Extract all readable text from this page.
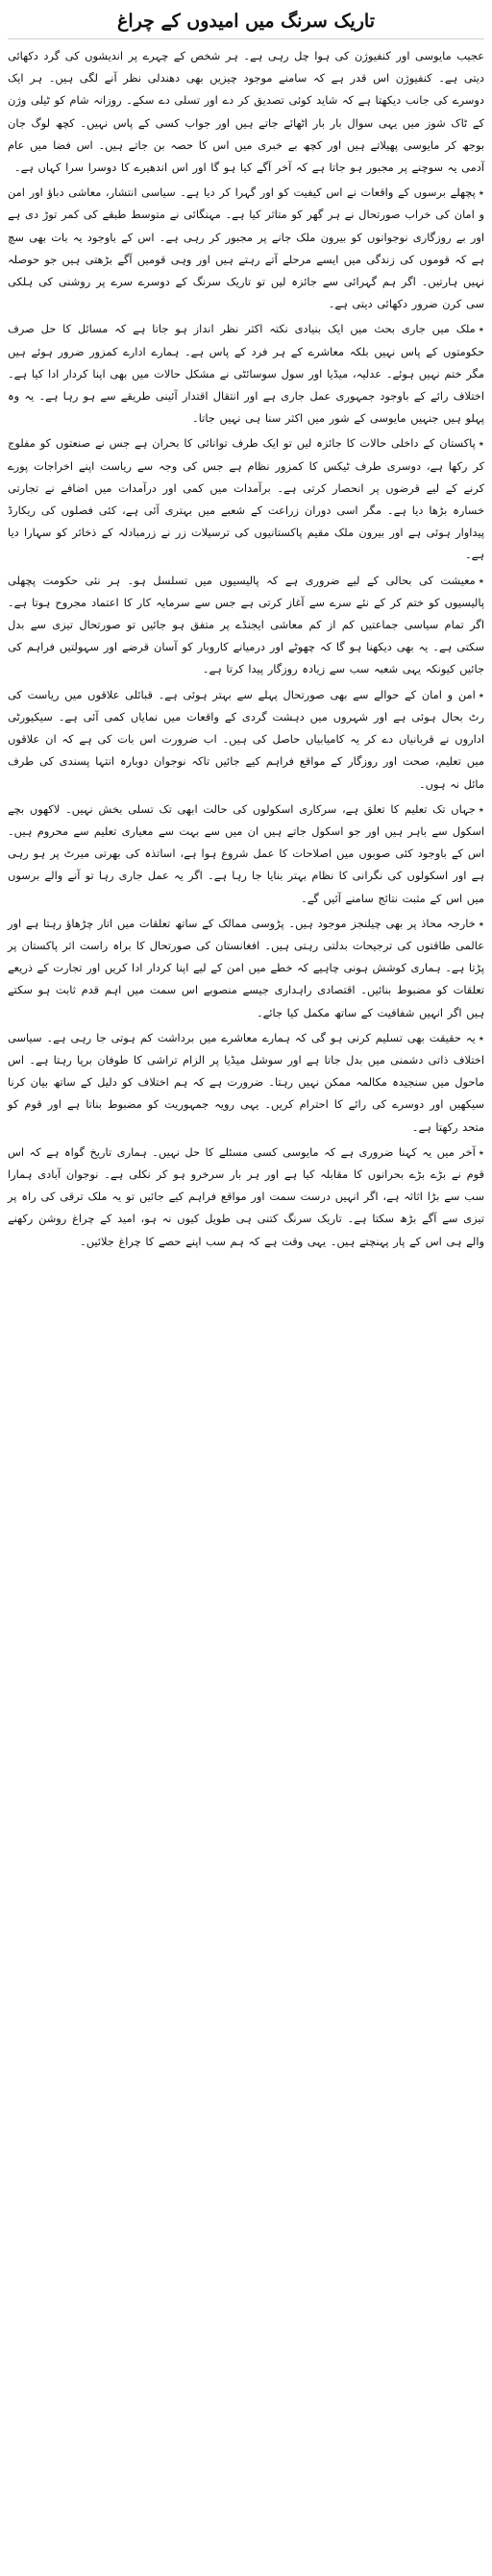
تاریک سرنگ میں امیدوں کے چراغ

عجیب مایوسی اور کنفیوژن کی ہوا چل رہی ہے۔ ہر شخص کے چہرے پر اندیشوں کی گرد دکھائی دیتی ہے۔ کنفیوژن اس قدر ہے کہ سامنے موجود چیزیں بھی دھندلی نظر آنے لگی ہیں۔ ہر ایک دوسرے کی جانب دیکھتا ہے کہ شاید کوئی تصدیق کر دے اور تسلی دے سکے۔ روزانہ شام کو ٹیلی وژن کے ٹاک شوز میں یہی سوال بار بار اٹھائے جاتے ہیں اور جواب کسی کے پاس نہیں۔ کچھ لوگ جان بوجھ کر مایوسی پھیلاتے ہیں اور کچھ بے خبری میں اس کا حصہ بن جاتے ہیں۔ اس فضا میں عام آدمی یہ سوچنے پر مجبور ہو جاتا ہے کہ آخر آگے کیا ہو گا اور اس اندھیرے کا دوسرا سرا کہاں ہے۔

٭ پچھلے برسوں کے واقعات نے اس کیفیت کو اور گہرا کر دیا ہے۔ سیاسی انتشار، معاشی دباؤ اور امن و امان کی خراب صورتحال نے ہر گھر کو متاثر کیا ہے۔ مہنگائی نے متوسط طبقے کی کمر توڑ دی ہے اور بے روزگاری نوجوانوں کو بیرون ملک جانے پر مجبور کر رہی ہے۔ اس کے باوجود یہ بات بھی سچ ہے کہ قوموں کی زندگی میں ایسے مرحلے آتے رہتے ہیں اور وہی قومیں آگے بڑھتی ہیں جو حوصلہ نہیں ہارتیں۔ اگر ہم گہرائی سے جائزہ لیں تو تاریک سرنگ کے دوسرے سرے پر روشنی کی ہلکی سی کرن ضرور دکھائی دیتی ہے۔

٭ ملک میں جاری بحث میں ایک بنیادی نکتہ اکثر نظر انداز ہو جاتا ہے کہ مسائل کا حل صرف حکومتوں کے پاس نہیں بلکہ معاشرے کے ہر فرد کے پاس ہے۔ ہمارے ادارے کمزور ضرور ہوئے ہیں مگر ختم نہیں ہوئے۔ عدلیہ، میڈیا اور سول سوسائٹی نے مشکل حالات میں بھی اپنا کردار ادا کیا ہے۔ اختلاف رائے کے باوجود جمہوری عمل جاری ہے اور انتقال اقتدار آئینی طریقے سے ہو رہا ہے۔ یہ وہ پہلو ہیں جنہیں مایوسی کے شور میں اکثر سنا ہی نہیں جاتا۔

٭ پاکستان کے داخلی حالات کا جائزہ لیں تو ایک طرف توانائی کا بحران ہے جس نے صنعتوں کو مفلوج کر رکھا ہے، دوسری طرف ٹیکس کا کمزور نظام ہے جس کی وجہ سے ریاست اپنے اخراجات پورے کرنے کے لیے قرضوں پر انحصار کرتی ہے۔ برآمدات میں کمی اور درآمدات میں اضافے نے تجارتی خسارہ بڑھا دیا ہے۔ مگر اسی دوران زراعت کے شعبے میں بہتری آئی ہے، کئی فصلوں کی ریکارڈ پیداوار ہوئی ہے اور بیرون ملک مقیم پاکستانیوں کی ترسیلات زر نے زرمبادلہ کے ذخائر کو سہارا دیا ہے۔

٭ معیشت کی بحالی کے لیے ضروری ہے کہ پالیسیوں میں تسلسل ہو۔ ہر نئی حکومت پچھلی پالیسیوں کو ختم کر کے نئے سرے سے آغاز کرتی ہے جس سے سرمایہ کار کا اعتماد مجروح ہوتا ہے۔ اگر تمام سیاسی جماعتیں کم از کم معاشی ایجنڈے پر متفق ہو جائیں تو صورتحال تیزی سے بدل سکتی ہے۔ یہ بھی دیکھنا ہو گا کہ چھوٹے اور درمیانے کاروبار کو آسان قرضے اور سہولتیں فراہم کی جائیں کیونکہ یہی شعبہ سب سے زیادہ روزگار پیدا کرتا ہے۔

٭ امن و امان کے حوالے سے بھی صورتحال پہلے سے بہتر ہوئی ہے۔ قبائلی علاقوں میں ریاست کی رٹ بحال ہوئی ہے اور شہروں میں دہشت گردی کے واقعات میں نمایاں کمی آئی ہے۔ سیکیورٹی اداروں نے قربانیاں دے کر یہ کامیابیاں حاصل کی ہیں۔ اب ضرورت اس بات کی ہے کہ ان علاقوں میں تعلیم، صحت اور روزگار کے مواقع فراہم کیے جائیں تاکہ نوجوان دوبارہ انتہا پسندی کی طرف مائل نہ ہوں۔

٭ جہاں تک تعلیم کا تعلق ہے، سرکاری اسکولوں کی حالت ابھی تک تسلی بخش نہیں۔ لاکھوں بچے اسکول سے باہر ہیں اور جو اسکول جاتے ہیں ان میں سے بہت سے معیاری تعلیم سے محروم ہیں۔ اس کے باوجود کئی صوبوں میں اصلاحات کا عمل شروع ہوا ہے، اساتذہ کی بھرتی میرٹ پر ہو رہی ہے اور اسکولوں کی نگرانی کا نظام بہتر بنایا جا رہا ہے۔ اگر یہ عمل جاری رہا تو آنے والے برسوں میں اس کے مثبت نتائج سامنے آئیں گے۔

٭ خارجہ محاذ پر بھی چیلنجز موجود ہیں۔ پڑوسی ممالک کے ساتھ تعلقات میں اتار چڑھاؤ رہتا ہے اور عالمی طاقتوں کی ترجیحات بدلتی رہتی ہیں۔ افغانستان کی صورتحال کا براہ راست اثر پاکستان پر پڑتا ہے۔ ہماری کوشش ہونی چاہیے کہ خطے میں امن کے لیے اپنا کردار ادا کریں اور تجارت کے ذریعے تعلقات کو مضبوط بنائیں۔ اقتصادی راہداری جیسے منصوبے اس سمت میں اہم قدم ثابت ہو سکتے ہیں اگر انہیں شفافیت کے ساتھ مکمل کیا جائے۔

٭ یہ حقیقت بھی تسلیم کرنی ہو گی کہ ہمارے معاشرے میں برداشت کم ہوتی جا رہی ہے۔ سیاسی اختلاف ذاتی دشمنی میں بدل جاتا ہے اور سوشل میڈیا پر الزام تراشی کا طوفان برپا رہتا ہے۔ اس ماحول میں سنجیدہ مکالمہ ممکن نہیں رہتا۔ ضرورت ہے کہ ہم اختلاف کو دلیل کے ساتھ بیان کرنا سیکھیں اور دوسرے کی رائے کا احترام کریں۔ یہی رویہ جمہوریت کو مضبوط بناتا ہے اور قوم کو متحد رکھتا ہے۔

٭ آخر میں یہ کہنا ضروری ہے کہ مایوسی کسی مسئلے کا حل نہیں۔ ہماری تاریخ گواہ ہے کہ اس قوم نے بڑے بڑے بحرانوں کا مقابلہ کیا ہے اور ہر بار سرخرو ہو کر نکلی ہے۔ نوجوان آبادی ہمارا سب سے بڑا اثاثہ ہے، اگر انہیں درست سمت اور مواقع فراہم کیے جائیں تو یہ ملک ترقی کی راہ پر تیزی سے آگے بڑھ سکتا ہے۔ تاریک سرنگ کتنی ہی طویل کیوں نہ ہو، امید کے چراغ روشن رکھنے والے ہی اس کے پار پہنچتے ہیں۔ یہی وقت ہے کہ ہم سب اپنے حصے کا چراغ جلائیں۔
